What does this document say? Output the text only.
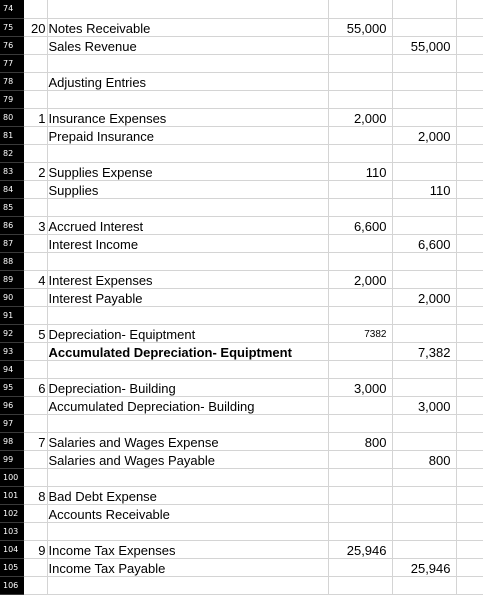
74					
75	20	Notes Receivable	55,000		
76		Sales Revenue		55,000	
77					
78		Adjusting Entries			
79					
80	1	Insurance Expenses	2,000		
81		Prepaid Insurance		2,000	
82					
83	2	Supplies Expense	110		
84		Supplies		110	
85					
86	3	Accrued Interest	6,600		
87		Interest Income		6,600	
88					
89	4	Interest Expenses	2,000		
90		Interest Payable		2,000	
91					
92	5	Depreciation- Equiptment	7382		
93		Accumulated Depreciation- Equiptment		7,382	
94					
95	6	Depreciation- Building	3,000		
96		Accumulated Depreciation- Building		3,000	
97					
98	7	Salaries and Wages Expense	800		
99		Salaries and Wages Payable		800	
100					
101	8	Bad Debt Expense			
102		Accounts Receivable			
103					
104	9	Income Tax Expenses	25,946		
105		Income Tax Payable		25,946	
106					
